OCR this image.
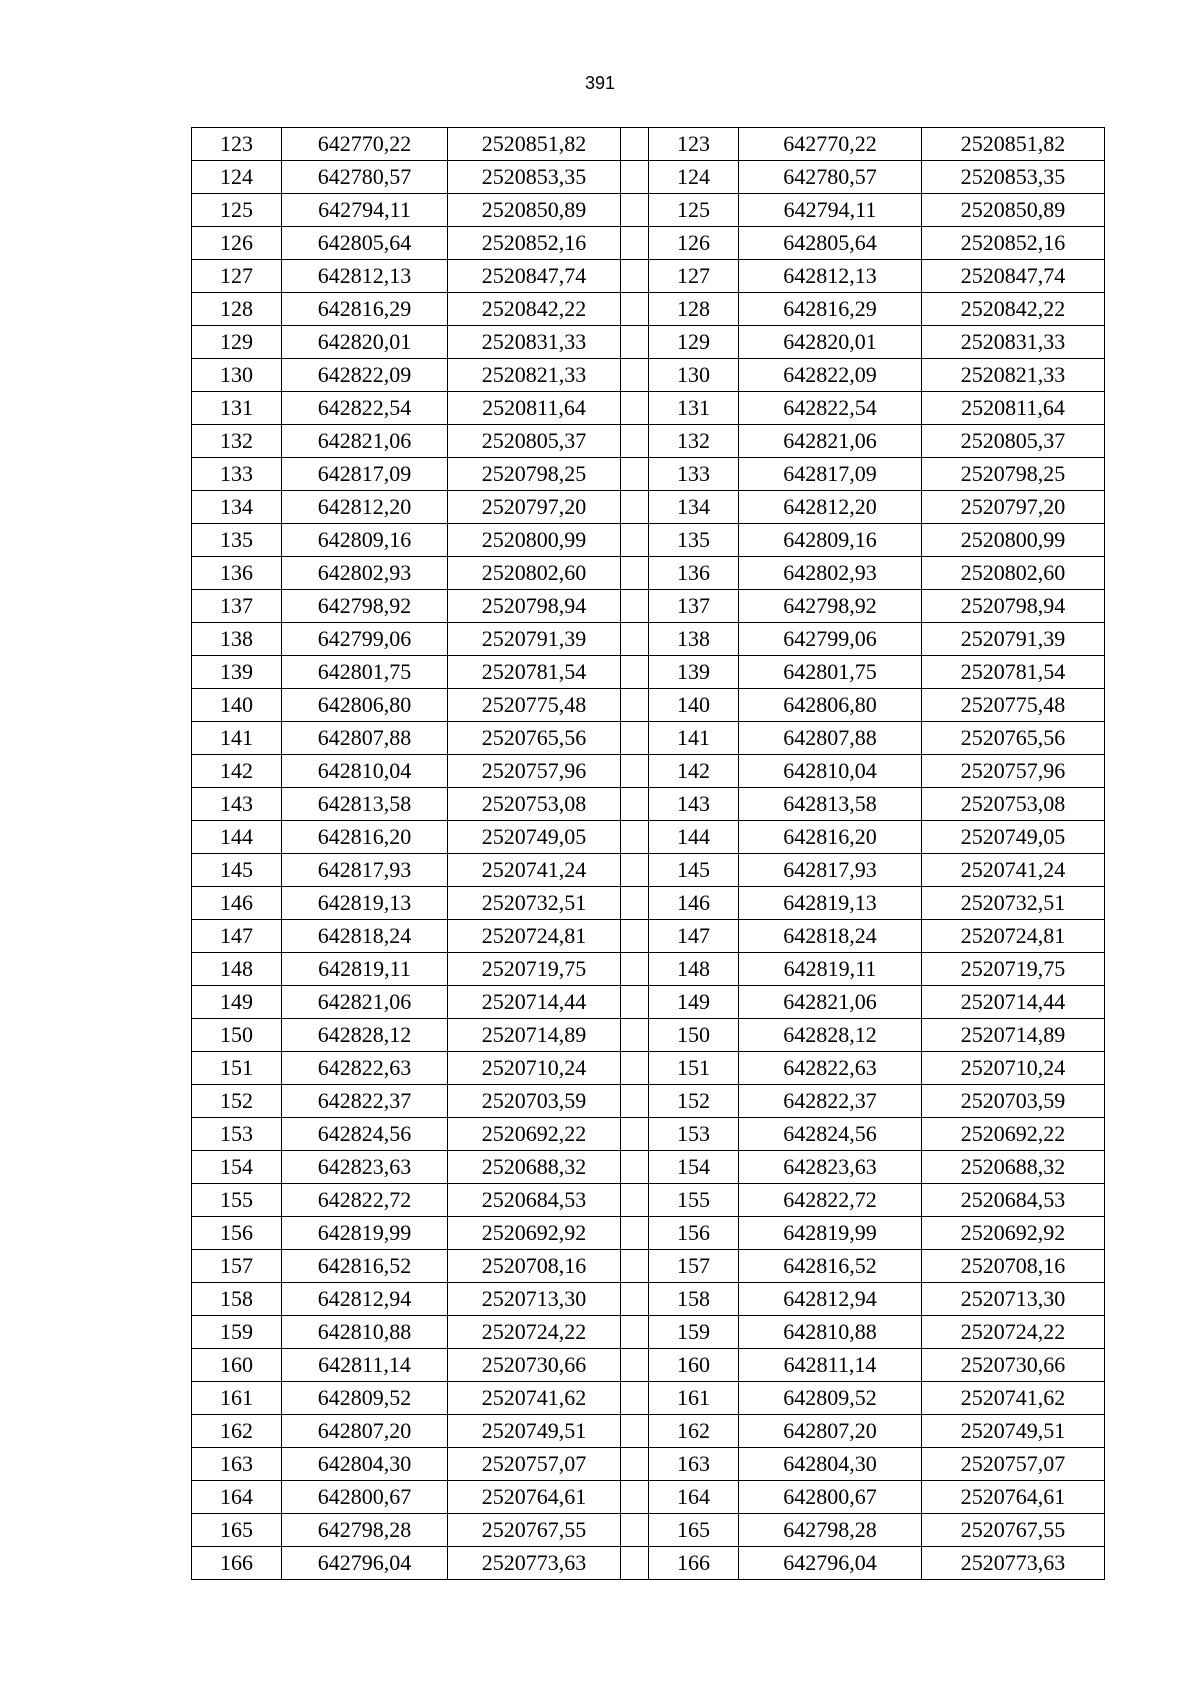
391
123	642770,22	2520851,82		123	642770,22	2520851,82
124	642780,57	2520853,35		124	642780,57	2520853,35
125	642794,11	2520850,89		125	642794,11	2520850,89
126	642805,64	2520852,16		126	642805,64	2520852,16
127	642812,13	2520847,74		127	642812,13	2520847,74
128	642816,29	2520842,22		128	642816,29	2520842,22
129	642820,01	2520831,33		129	642820,01	2520831,33
130	642822,09	2520821,33		130	642822,09	2520821,33
131	642822,54	2520811,64		131	642822,54	2520811,64
132	642821,06	2520805,37		132	642821,06	2520805,37
133	642817,09	2520798,25		133	642817,09	2520798,25
134	642812,20	2520797,20		134	642812,20	2520797,20
135	642809,16	2520800,99		135	642809,16	2520800,99
136	642802,93	2520802,60		136	642802,93	2520802,60
137	642798,92	2520798,94		137	642798,92	2520798,94
138	642799,06	2520791,39		138	642799,06	2520791,39
139	642801,75	2520781,54		139	642801,75	2520781,54
140	642806,80	2520775,48		140	642806,80	2520775,48
141	642807,88	2520765,56		141	642807,88	2520765,56
142	642810,04	2520757,96		142	642810,04	2520757,96
143	642813,58	2520753,08		143	642813,58	2520753,08
144	642816,20	2520749,05		144	642816,20	2520749,05
145	642817,93	2520741,24		145	642817,93	2520741,24
146	642819,13	2520732,51		146	642819,13	2520732,51
147	642818,24	2520724,81		147	642818,24	2520724,81
148	642819,11	2520719,75		148	642819,11	2520719,75
149	642821,06	2520714,44		149	642821,06	2520714,44
150	642828,12	2520714,89		150	642828,12	2520714,89
151	642822,63	2520710,24		151	642822,63	2520710,24
152	642822,37	2520703,59		152	642822,37	2520703,59
153	642824,56	2520692,22		153	642824,56	2520692,22
154	642823,63	2520688,32		154	642823,63	2520688,32
155	642822,72	2520684,53		155	642822,72	2520684,53
156	642819,99	2520692,92		156	642819,99	2520692,92
157	642816,52	2520708,16		157	642816,52	2520708,16
158	642812,94	2520713,30		158	642812,94	2520713,30
159	642810,88	2520724,22		159	642810,88	2520724,22
160	642811,14	2520730,66		160	642811,14	2520730,66
161	642809,52	2520741,62		161	642809,52	2520741,62
162	642807,20	2520749,51		162	642807,20	2520749,51
163	642804,30	2520757,07		163	642804,30	2520757,07
164	642800,67	2520764,61		164	642800,67	2520764,61
165	642798,28	2520767,55		165	642798,28	2520767,55
166	642796,04	2520773,63		166	642796,04	2520773,63
